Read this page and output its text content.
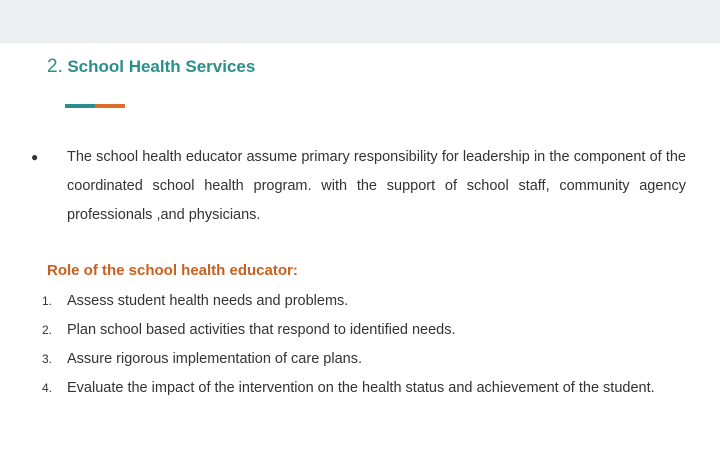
2. School Health Services
● The school health educator assume primary responsibility for leadership in the component of the coordinated school health program. with the support of school staff, community agency professionals ,and physicians.

Role of the school health educator:
1. Assess student health needs and problems.
2. Plan school based activities that respond to identified needs.
3. Assure rigorous implementation of care plans.
4. Evaluate the impact of the intervention on the health status and achievement of the student.
